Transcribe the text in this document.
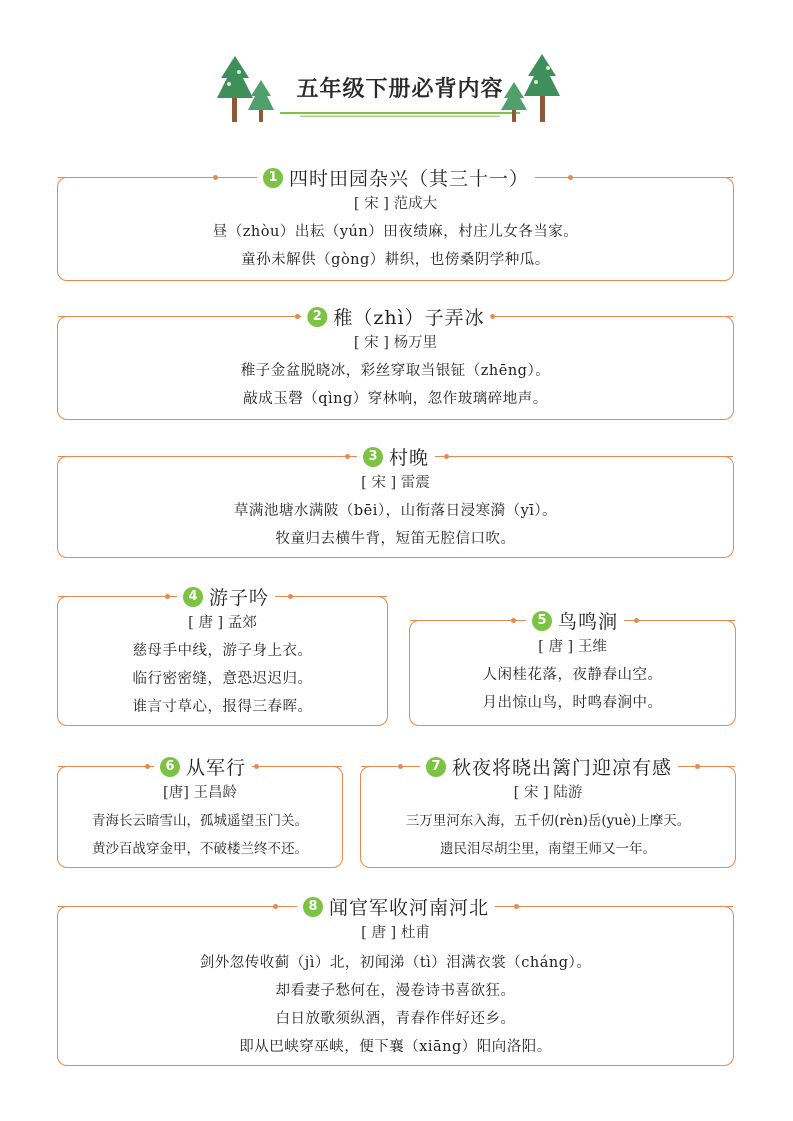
五年级下册必背内容
1 四时田园杂兴（其三十一）
[ 宋 ] 范成大
昼（zhòu）出耘（yún）田夜绩麻，村庄儿女各当家。
童孙未解供（gòng）耕织，也傍桑阴学种瓜。
2 稚（zhì）子弄冰
[ 宋 ] 杨万里
稚子金盆脱晓冰，彩丝穿取当银钲（zhēng）。
敲成玉磬（qìng）穿林响，忽作玻璃碎地声。
3 村晚
[ 宋 ] 雷震
草满池塘水满陂（bēi），山衔落日浸寒漪（yī）。
牧童归去横牛背，短笛无腔信口吹。
4 游子吟
[ 唐 ] 孟郊
慈母手中线，游子身上衣。
临行密密缝，意恐迟迟归。
谁言寸草心，报得三春晖。
5 鸟鸣涧
[ 唐 ] 王维
人闲桂花落，夜静春山空。
月出惊山鸟，时鸣春涧中。
6 从军行
[唐] 王昌龄
青海长云暗雪山，孤城遥望玉门关。
黄沙百战穿金甲，不破楼兰终不还。
7 秋夜将晓出篱门迎凉有感
[ 宋 ] 陆游
三万里河东入海，五千仞(rèn)岳(yuè)上摩天。
遗民泪尽胡尘里，南望王师又一年。
8 闻官军收河南河北
[ 唐 ] 杜甫
剑外忽传收蓟（jì）北，初闻涕（tì）泪满衣裳（cháng）。
却看妻子愁何在，漫卷诗书喜欲狂。
白日放歌须纵酒，青春作伴好还乡。
即从巴峡穿巫峡，便下襄（xiāng）阳向洛阳。
